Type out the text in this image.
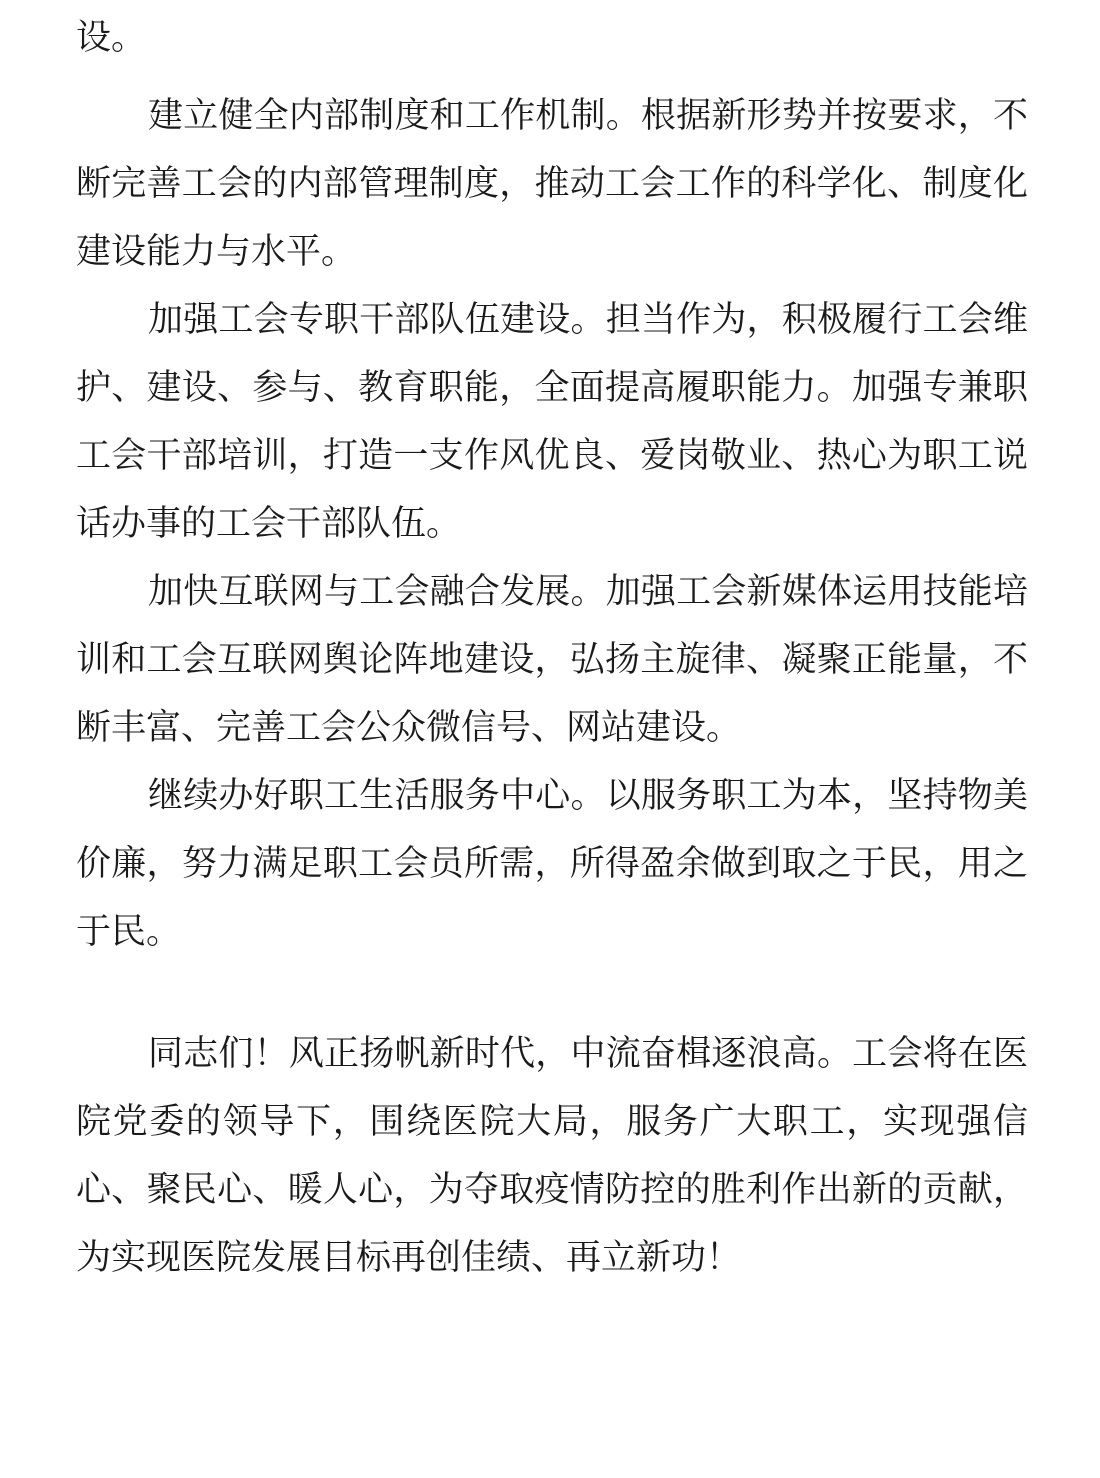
设。

建立健全内部制度和工作机制。根据新形势并按要求，不断完善工会的内部管理制度，推动工会工作的科学化、制度化建设能力与水平。

加强工会专职干部队伍建设。担当作为，积极履行工会维护、建设、参与、教育职能，全面提高履职能力。加强专兼职工会干部培训，打造一支作风优良、爱岗敬业、热心为职工说话办事的工会干部队伍。

加快互联网与工会融合发展。加强工会新媒体运用技能培训和工会互联网舆论阵地建设，弘扬主旋律、凝聚正能量，不断丰富、完善工会公众微信号、网站建设。

继续办好职工生活服务中心。以服务职工为本，坚持物美价廉，努力满足职工会员所需，所得盈余做到取之于民，用之于民。

同志们！风正扬帆新时代，中流奋楫逐浪高。工会将在医院党委的领导下，围绕医院大局，服务广大职工，实现强信心、聚民心、暖人心，为夺取疫情防控的胜利作出新的贡献，为实现医院发展目标再创佳绩、再立新功！
